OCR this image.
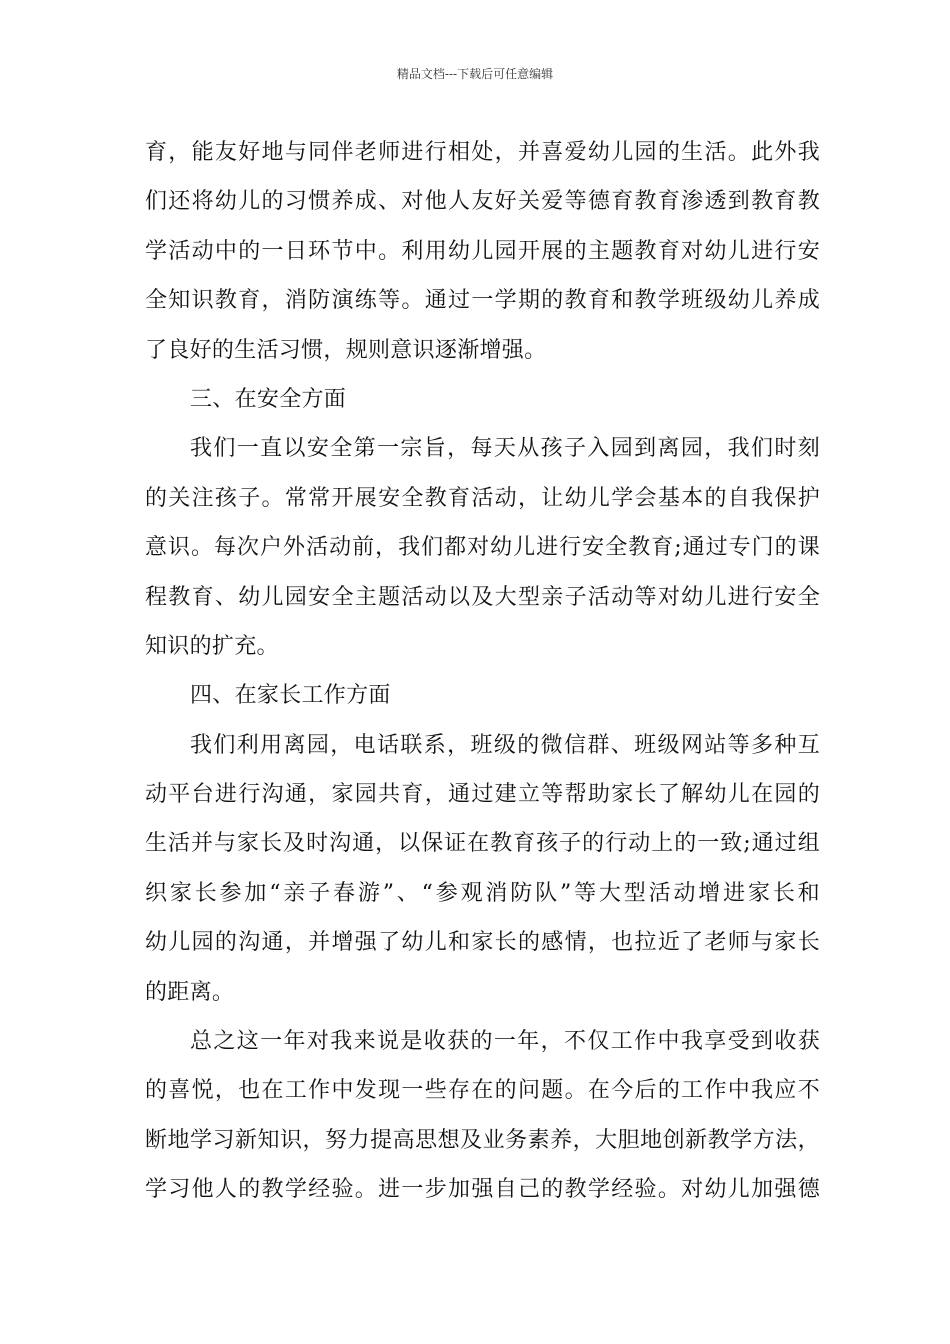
精品文档---下载后可任意编辑
育，能友好地与同伴老师进行相处，并喜爱幼儿园的生活。此外我
们还将幼儿的习惯养成、对他人友好关爱等德育教育渗透到教育教
学活动中的一日环节中。利用幼儿园开展的主题教育对幼儿进行安
全知识教育，消防演练等。通过一学期的教育和教学班级幼儿养成
了良好的生活习惯，规则意识逐渐增强。
三、在安全方面
我们一直以安全第一宗旨，每天从孩子入园到离园，我们时刻
的关注孩子。常常开展安全教育活动，让幼儿学会基本的自我保护
意识。每次户外活动前，我们都对幼儿进行安全教育;通过专门的课
程教育、幼儿园安全主题活动以及大型亲子活动等对幼儿进行安全
知识的扩充。
四、在家长工作方面
我们利用离园，电话联系，班级的微信群、班级网站等多种互
动平台进行沟通，家园共育，通过建立等帮助家长了解幼儿在园的
生活并与家长及时沟通，以保证在教育孩子的行动上的一致;通过组
织家长参加“亲子春游”、“参观消防队”等大型活动增进家长和
幼儿园的沟通，并增强了幼儿和家长的感情，也拉近了老师与家长
的距离。
总之这一年对我来说是收获的一年，不仅工作中我享受到收获
的喜悦，也在工作中发现一些存在的问题。在今后的工作中我应不
断地学习新知识，努力提高思想及业务素养，大胆地创新教学方法，
学习他人的教学经验。进一步加强自己的教学经验。对幼儿加强德
